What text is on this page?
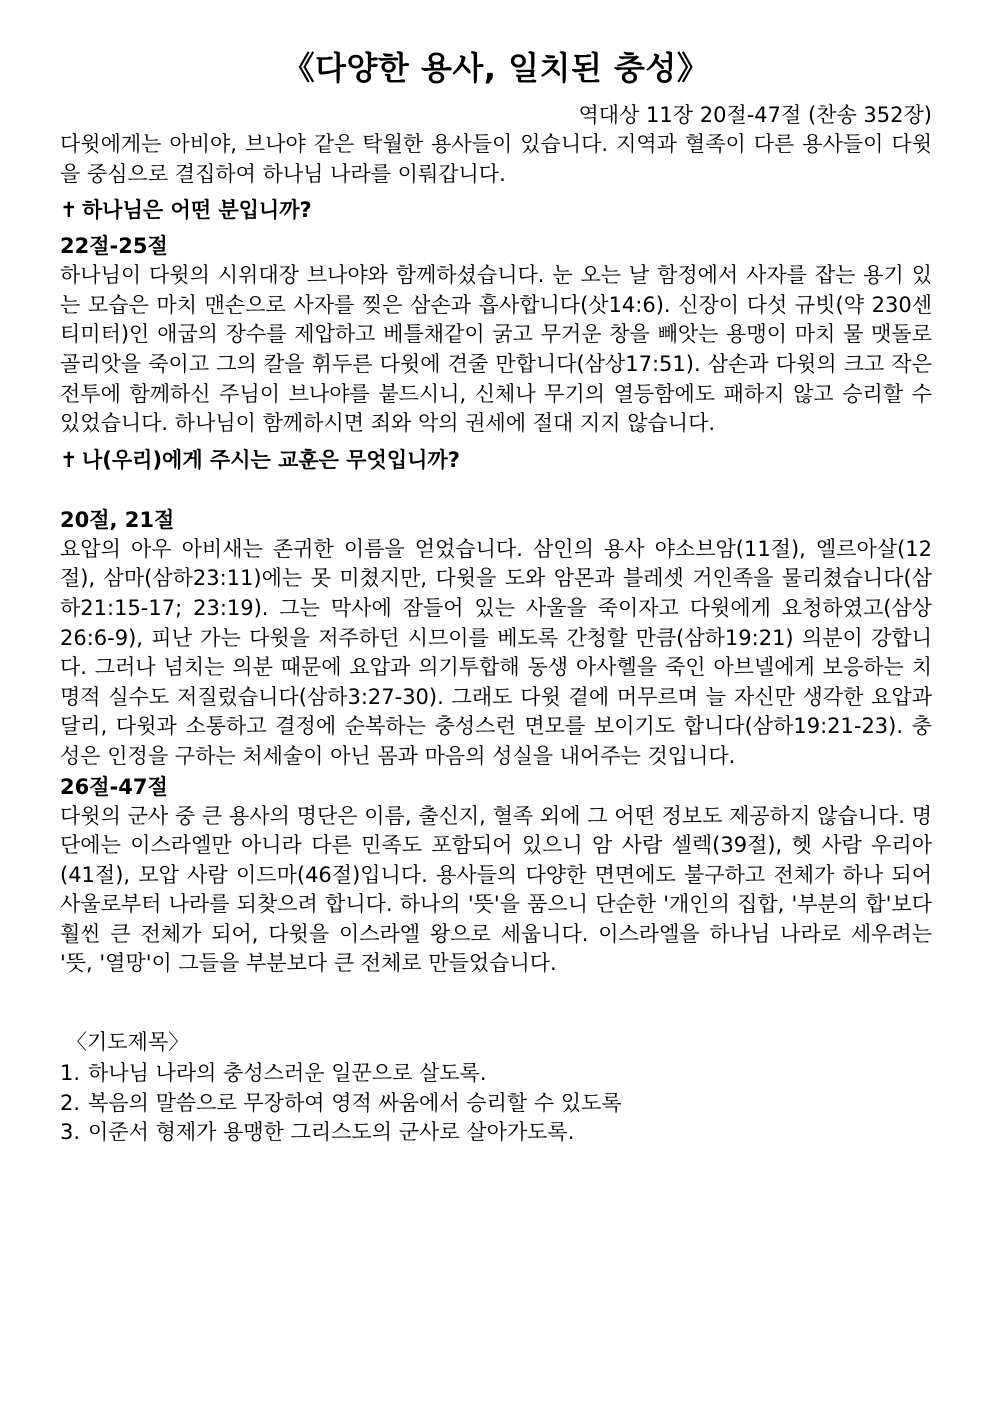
《다양한 용사, 일치된 충성》
역대상 11장 20절-47절 (찬송 352장)

다윗에게는 아비야, 브나야 같은 탁월한 용사들이 있습니다. 지역과 혈족이 다른 용사들이 다윗을 중심으로 결집하여 하나님 나라를 이뤄갑니다.

✝ 하나님은 어떤 분입니까?
22절-25절

하나님이 다윗의 시위대장 브나야와 함께하셨습니다. 눈 오는 날 함정에서 사자를 잡는 용기 있는 모습은 마치 맨손으로 사자를 찢은 삼손과 흡사합니다(삿14:6). 신장이 다섯 규빗(약 230센티미터)인 애굽의 장수를 제압하고 베틀채같이 굵고 무거운 창을 빼앗는 용맹이 마치 물 맷돌로 골리앗을 죽이고 그의 칼을 휘두른 다윗에 견줄 만합니다(삼상17:51). 삼손과 다윗의 크고 작은 전투에 함께하신 주님이 브나야를 붙드시니, 신체나 무기의 열등함에도 패하지 않고 승리할 수 있었습니다. 하나님이 함께하시면 죄와 악의 권세에 절대 지지 않습니다.

✝ 나(우리)에게 주시는 교훈은 무엇입니까?
20절, 21절

요압의 아우 아비새는 존귀한 이름을 얻었습니다. 삼인의 용사 야소브암(11절), 엘르아살(12절), 삼마(삼하23:11)에는 못 미쳤지만, 다윗을 도와 암몬과 블레셋 거인족을 물리쳤습니다(삼하21:15-17; 23:19). 그는 막사에 잠들어 있는 사울을 죽이자고 다윗에게 요청하였고(삼상26:6-9), 피난 가는 다윗을 저주하던 시므이를 베도록 간청할 만큼(삼하19:21) 의분이 강합니다. 그러나 넘치는 의분 때문에 요압과 의기투합해 동생 아사헬을 죽인 아브넬에게 보응하는 치명적 실수도 저질렀습니다(삼하3:27-30). 그래도 다윗 곁에 머무르며 늘 자신만 생각한 요압과 달리, 다윗과 소통하고 결정에 순복하는 충성스런 면모를 보이기도 합니다(삼하19:21-23). 충성은 인정을 구하는 처세술이 아닌 몸과 마음의 성실을 내어주는 것입니다.

26절-47절

다윗의 군사 중 큰 용사의 명단은 이름, 출신지, 혈족 외에 그 어떤 정보도 제공하지 않습니다. 명단에는 이스라엘만 아니라 다른 민족도 포함되어 있으니 암 사람 셀렉(39절), 헷 사람 우리아(41절), 모압 사람 이드마(46절)입니다. 용사들의 다양한 면면에도 불구하고 전체가 하나 되어 사울로부터 나라를 되찾으려 합니다. 하나의 '뜻'을 품으니 단순한 '개인의 집합, '부분의 합'보다 훨씬 큰 전체가 되어, 다윗을 이스라엘 왕으로 세웁니다. 이스라엘을 하나님 나라로 세우려는 '뜻, '열망'이 그들을 부분보다 큰 전체로 만들었습니다.

〈기도제목〉
1. 하나님 나라의 충성스러운 일꾼으로 살도록.
2. 복음의 말씀으로 무장하여 영적 싸움에서 승리할 수 있도록
3. 이준서 형제가 용맹한 그리스도의 군사로 살아가도록.
